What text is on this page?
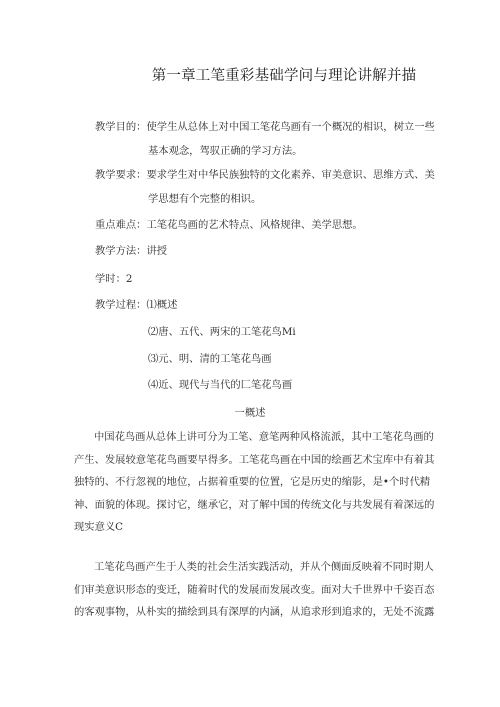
第一章工笔重彩基础学问与理论讲解并描
教学目的：使学生从总体上对中国工笔花鸟画有一个概况的相识，树立一些
基本观念，驾驭正确的学习方法。
教学要求：要求学生对中华民族独特的文化素养、审美意识、思维方式、美
学思想有个完整的相识。
重点难点：工笔花鸟画的艺术特点、风格规律、美学思想。
教学方法：讲授
学时：2
教学过程：⑴概述
⑵唐、五代、两宋的工笔花鸟Mi
⑶元、明、清的工笔花鸟画
⑷近、现代与当代的匚笔花鸟画
一概述
中国花鸟画从总体上讲可分为工笔、意笔两种风格流派，其中工笔花鸟画的
产生、发展较意笔花鸟画要早得多。工笔花鸟画在中国的绘画艺术宝库中有着其
独特的、不行忽视的地位，占据着重要的位置，它是历史的缩影，是•个时代精
神、面貌的体现。探讨它，继承它，对了解中国的传统文化与共发展有着深远的
现实意义C
工笔花鸟画产生于人类的社会生活实践活动，并从个侧面反映着不同时期人
们审美意识形态的变迁，随着时代的发展而发展改变。面对大千世界中千姿百态
的客观事物，从朴实的描绘到具有深厚的内涵，从追求形到追求的，无处不流露
